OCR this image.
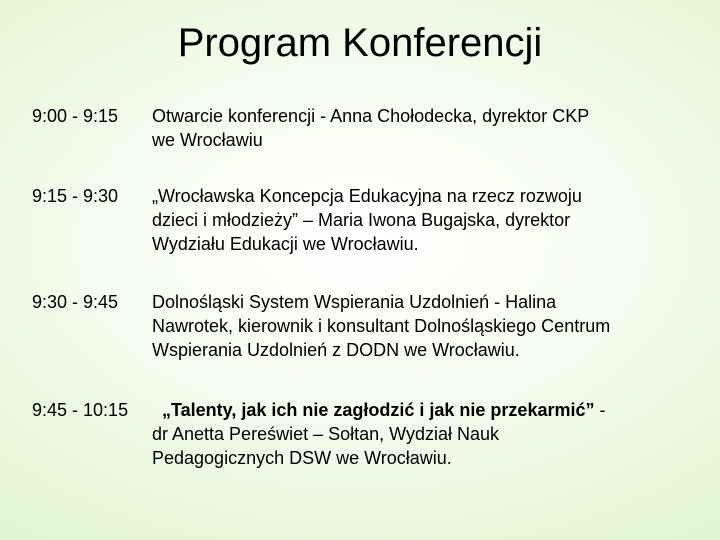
Program Konferencji
9:00 - 9:15 Otwarcie konferencji - Anna Chołodecka, dyrektor CKP
we Wrocławiu
9:15 - 9:30 „Wrocławska Koncepcja Edukacyjna na rzecz rozwoju
dzieci i młodzieży” – Maria Iwona Bugajska, dyrektor
Wydziału Edukacji we Wrocławiu.
9:30 - 9:45 Dolnośląski System Wspierania Uzdolnień - Halina
Nawrotek, kierownik i konsultant Dolnośląskiego Centrum
Wspierania Uzdolnień z DODN we Wrocławiu.
9:45 - 10:15 „Talenty, jak ich nie zagłodzić i jak nie przekarmić” -
dr Anetta Pereświet – Sołtan, Wydział Nauk
Pedagogicznych DSW we Wrocławiu.
